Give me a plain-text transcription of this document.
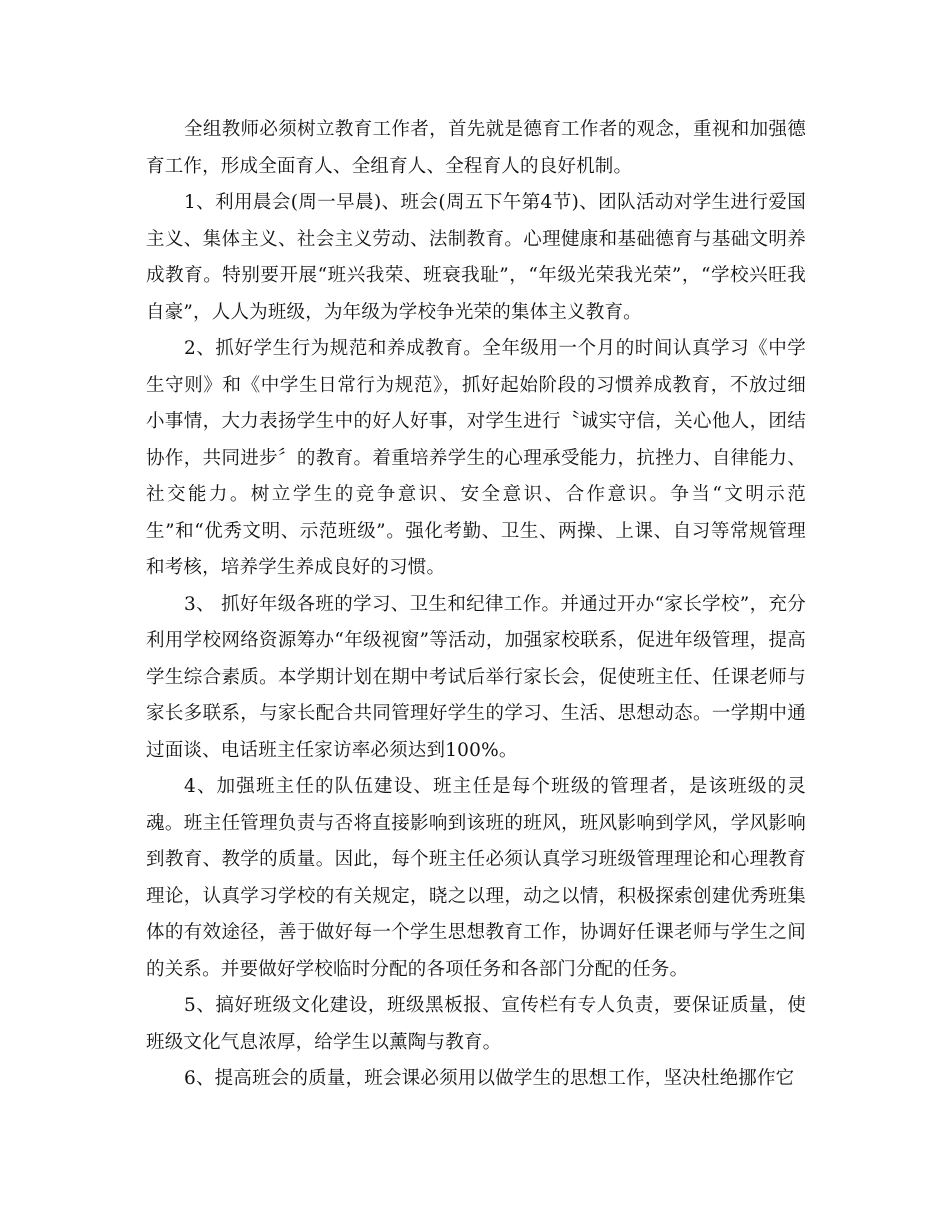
全组教师必须树立教育工作者，首先就是德育工作者的观念，重视和加强德育工作，形成全面育人、全组育人、全程育人的良好机制。

1、利用晨会(周一早晨)、班会(周五下午第4节)、团队活动对学生进行爱国主义、集体主义、社会主义劳动、法制教育。心理健康和基础德育与基础文明养成教育。特别要开展“班兴我荣、班衰我耻”，“年级光荣我光荣”，“学校兴旺我自豪”，人人为班级，为年级为学校争光荣的集体主义教育。

2、抓好学生行为规范和养成教育。全年级用一个月的时间认真学习《中学生守则》和《中学生日常行为规范》，抓好起始阶段的习惯养成教育，不放过细小事情，大力表扬学生中的好人好事，对学生进行〝诚实守信，关心他人，团结协作，共同进步〞的教育。着重培养学生的心理承受能力，抗挫力、自律能力、社交能力。树立学生的竞争意识、安全意识、合作意识。争当“文明示范生”和“优秀文明、示范班级”。强化考勤、卫生、两操、上课、自习等常规管理和考核，培养学生养成良好的习惯。

3、 抓好年级各班的学习、卫生和纪律工作。并通过开办“家长学校”，充分利用学校网络资源筹办“年级视窗”等活动，加强家校联系，促进年级管理，提高学生综合素质。本学期计划在期中考试后举行家长会，促使班主任、任课老师与家长多联系，与家长配合共同管理好学生的学习、生活、思想动态。一学期中通过面谈、电话班主任家访率必须达到100%。

4、加强班主任的队伍建设、班主任是每个班级的管理者，是该班级的灵魂。班主任管理负责与否将直接影响到该班的班风，班风影响到学风，学风影响到教育、教学的质量。因此，每个班主任必须认真学习班级管理理论和心理教育理论，认真学习学校的有关规定，晓之以理，动之以情，积极探索创建优秀班集体的有效途径，善于做好每一个学生思想教育工作，协调好任课老师与学生之间的关系。并要做好学校临时分配的各项任务和各部门分配的任务。

5、搞好班级文化建设，班级黑板报、宣传栏有专人负责，要保证质量，使班级文化气息浓厚，给学生以薰陶与教育。

6、提高班会的质量，班会课必须用以做学生的思想工作，坚决杜绝挪作它
